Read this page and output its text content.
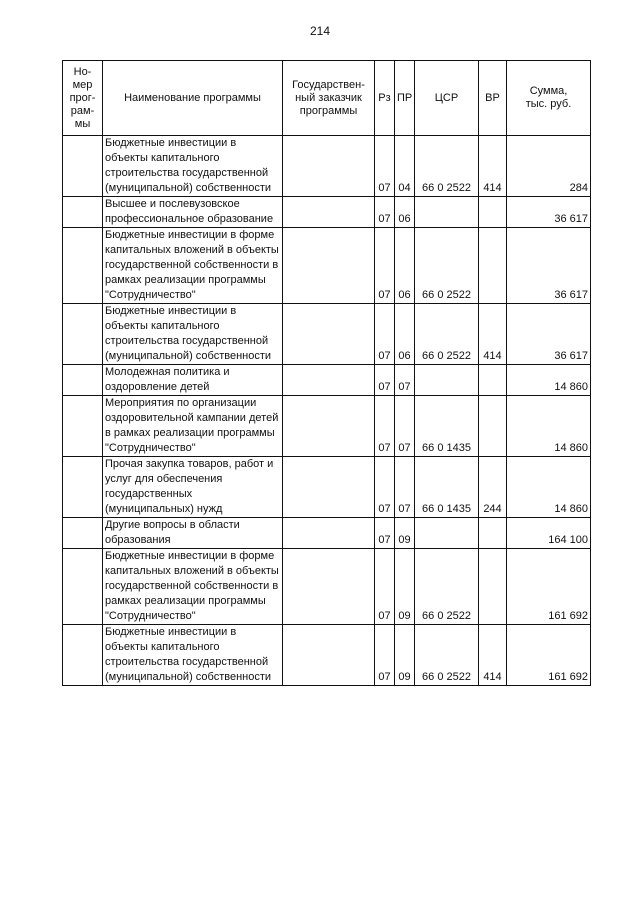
214
Но-
мер
прог-
рам-
мы	Наименование программы	Государствен-
ный заказчик
программы	Рз	ПР	ЦСР	ВР	Сумма,
тыс. руб.
	Бюджетные инвестиции в объекты капитального строительства государственной (муниципальной) собственности		07	04	66 0 2522	414	284
	Высшее и послевузовское профессиональное образование		07	06			36 617
	Бюджетные инвестиции в форме капитальных вложений в объекты государственной собственности в рамках реализации программы "Сотрудничество"		07	06	66 0 2522		36 617
	Бюджетные инвестиции в объекты капитального строительства государственной (муниципальной) собственности		07	06	66 0 2522	414	36 617
	Молодежная политика и оздоровление детей		07	07			14 860
	Мероприятия по организации оздоровительной кампании детей в рамках реализации программы "Сотрудничество"		07	07	66 0 1435		14 860
	Прочая закупка товаров, работ и услуг для обеспечения государственных (муниципальных) нужд		07	07	66 0 1435	244	14 860
	Другие вопросы в области образования		07	09			164 100
	Бюджетные инвестиции в форме капитальных вложений в объекты государственной собственности в рамках реализации программы "Сотрудничество"		07	09	66 0 2522		161 692
	Бюджетные инвестиции в объекты капитального строительства государственной (муниципальной) собственности		07	09	66 0 2522	414	161 692
